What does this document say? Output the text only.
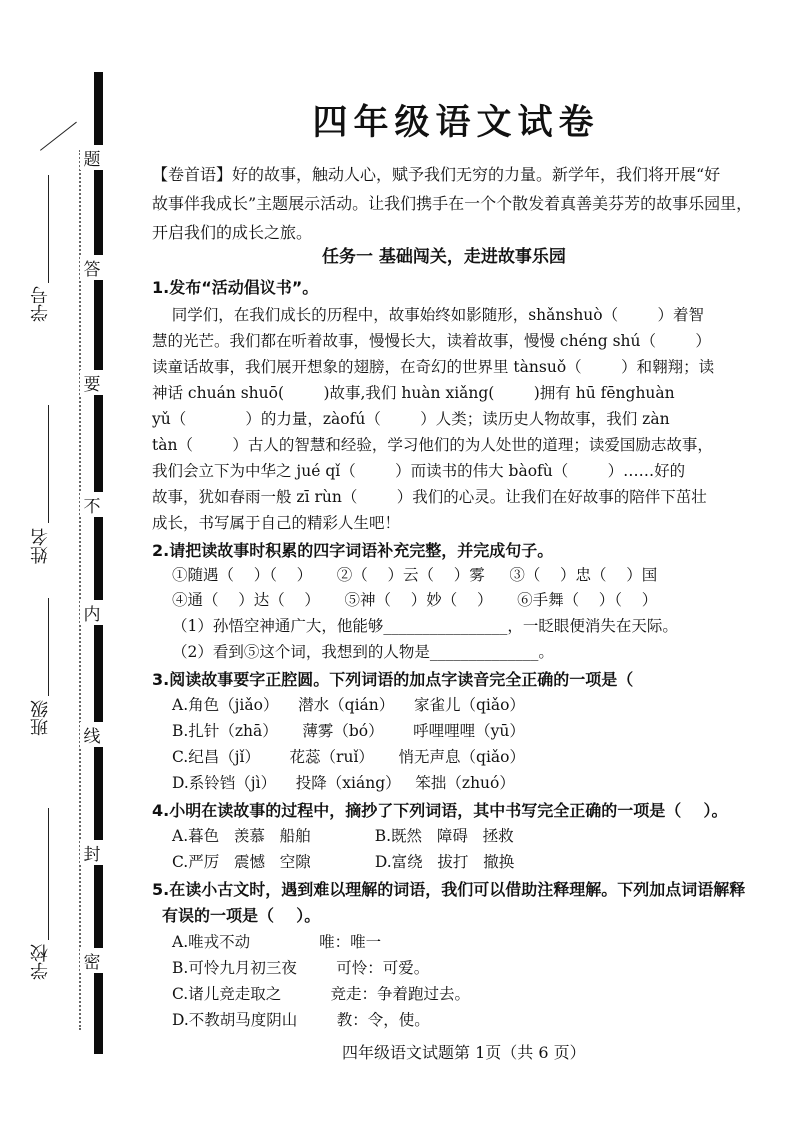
题
答
要
不
内
线
封
密
学号
姓名
班级
学校
四年级语文试卷
【卷首语】好的故事，触动人心，赋予我们无穷的力量。新学年，我们将开展“好
故事伴我成长”主题展示活动。让我们携手在一个个散发着真善美芬芳的故事乐园里，
开启我们的成长之旅。
任务一 基础闯关，走进故事乐园
1.发布“活动倡议书”。
同学们，在我们成长的历程中，故事始终如影随形，shǎnshuò（        ）着智
慧的光芒。我们都在听着故事，慢慢长大，读着故事，慢慢 chéng shú（        ）
读童话故事，我们展开想象的翅膀，在奇幻的世界里 tànsuǒ（        ）和翱翔；读
神话 chuán shuō(        )故事,我们 huàn xiǎng(        )拥有 hū fēnghuàn
yǔ（            ）的力量，zàofú（        ）人类；读历史人物故事，我们 zàn
tàn（        ）古人的智慧和经验，学习他们的为人处世的道理；读爱国励志故事，
我们会立下为中华之 jué qǐ（        ）而读书的伟大 bàofù（        ）……好的
故事，犹如春雨一般 zī rùn（        ）我们的心灵。让我们在好故事的陪伴下茁壮
成长，书写属于自己的精彩人生吧！
2.请把读故事时积累的四字词语补充完整，并完成句子。
①随遇（    ）（    ）     ②（    ）云（    ）雾     ③（    ）忠（    ）国
④通（    ）达（    ）     ⑤神（    ）妙（    ）     ⑥手舞（    ）（    ）
（1）孙悟空神通广大，他能够________________，一眨眼便消失在天际。
（2）看到⑤这个词，我想到的人物是______________。
3.阅读故事要字正腔圆。下列词语的加点字读音完全正确的一项是（
A.角色（jiǎo）    潜水（qián）    家雀儿（qiǎo）
B.扎针（zhā）     薄雾（bó）      呼哩哩哩（yū）
C.纪昌（jǐ）      花蕊（ruǐ）     悄无声息（qiǎo）
D.系铃铛（jì）    投降（xiáng）   笨拙（zhuó）
4.小明在读故事的过程中，摘抄了下列词语，其中书写完全正确的一项是（    ）。
A.暮色   羡慕   船舶             B.既然   障碍   拯救
C.严厉   震憾   空隙             D.富绕   拔打   撤换
5.在读小古文时，遇到难以理解的词语，我们可以借助注释理解。下列加点词语解释
有误的一项是（    ）。
A.唯戎不动              唯：唯一
B.可怜九月初三夜        可怜：可爱。
C.诸儿竞走取之          竞走：争着跑过去。
D.不教胡马度阴山        教：令，使。
四年级语文试题第 1页（共 6 页）
